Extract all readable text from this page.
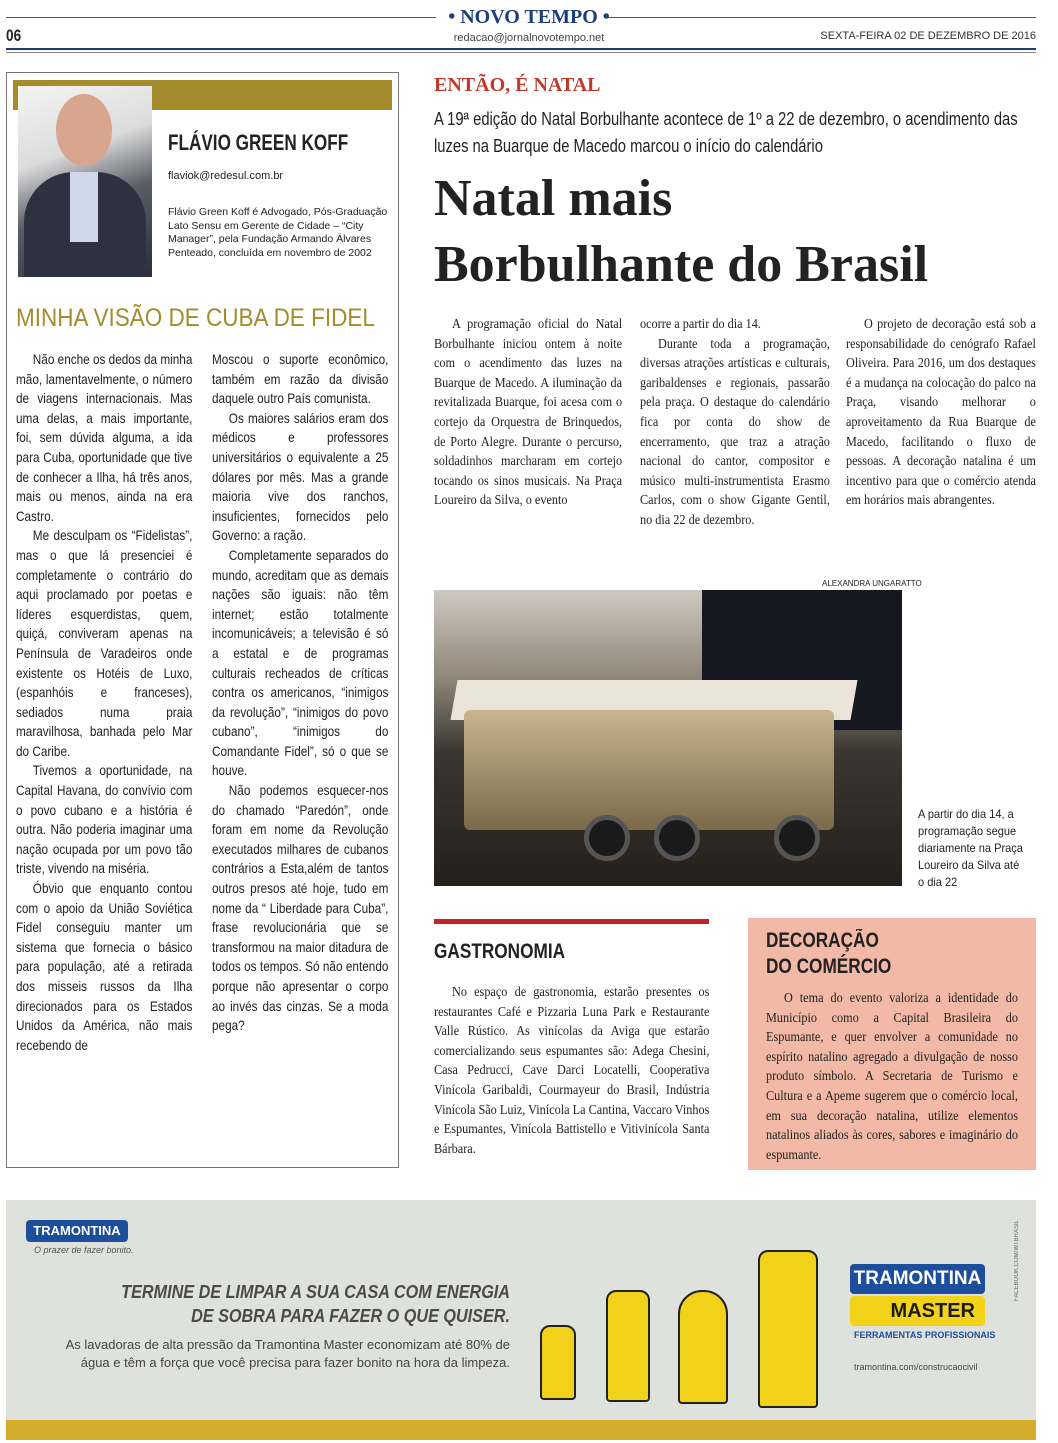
• NOVO TEMPO •
redacao@jornalnovotempo.net
06	SEXTA-FEIRA 02 DE DEZEMBRO DE 2016
FLÁVIO GREEN KOFF
flaviok@redesul.com.br
Flávio Green Koff é Advogado, Pós-Graduação Lato Sensu em Gerente de Cidade – “City Manager”, pela Fundação Armando Álvares Penteado, concluída em novembro de 2002
MINHA VISÃO DE CUBA DE FIDEL

Não enche os dedos da minha mão, lamentavelmente, o número de viagens internacionais. Mas uma delas, a mais importante, foi, sem dúvida alguma, a ida para Cuba, oportunidade que tive de conhecer a Ilha, há três anos, mais ou menos, ainda na era Castro.

Me desculpam os “Fidelistas”, mas o que lá presenciei é completamente o contrário do aqui proclamado por poetas e líderes esquerdistas, quem, quiçá, conviveram apenas na Península de Varadeiros onde existente os Hotéis de Luxo, (espanhóis e franceses), sediados numa praia maravilhosa, banhada pelo Mar do Caribe.

Tivemos a oportunidade, na Capital Havana, do convívio com o povo cubano e a história é outra. Não poderia imaginar uma nação ocupada por um povo tão triste, vivendo na miséria.

Óbvio que enquanto contou com o apoio da União Soviética Fidel conseguiu manter um sistema que fornecia o básico para população, até a retirada dos misseis russos da Ilha direcionados para os Estados Unidos da América, não mais recebendo de

Moscou o suporte econômico, também em razão da divisão daquele outro País comunista.

Os maiores salários eram dos médicos e professores universitários o equivalente a 25 dólares por mês. Mas a grande maioria vive dos ranchos, insuficientes, fornecidos pelo Governo: a ração.

Completamente separados do mundo, acreditam que as demais nações são iguais: não têm internet; estão totalmente incomunicáveis; a televisão é só a estatal e de programas culturais recheados de críticas contra os americanos, “inimigos da revolução”, “inimigos do povo cubano”, “inimigos do Comandante Fidel”, só o que se houve.

Não podemos esquecer-nos do chamado “Paredón”, onde foram em nome da Revolução executados milhares de cubanos contrários a Esta,além de tantos outros presos até hoje, tudo em nome da “ Liberdade para Cuba”, frase revolucionária que se transformou na maior ditadura de todos os tempos. Só não entendo porque não apresentar o corpo ao invés das cinzas. Se a moda pega?

ENTÃO, É NATAL
A 19ª edição do Natal Borbulhante acontece de 1º a 22 de dezembro, o acendimento das luzes na Buarque de Macedo marcou o início do calendário
Natal mais
Borbulhante do Brasil

A programação oficial do Natal Borbulhante iniciou ontem à noite com o acendimento das luzes na Buarque de Macedo. A iluminação da revitalizada Buarque, foi acesa com o cortejo da Orquestra de Brinquedos, de Porto Alegre. Durante o percurso, soldadinhos marcharam em cortejo tocando os sinos musicais. Na Praça Loureiro da Silva, o evento

ocorre a partir do dia 14.

Durante toda a programação, diversas atrações artísticas e culturais, garibaldenses e regionais, passarão pela praça. O destaque do calendário fica por conta do show de encerramento, que traz a atração nacional do cantor, compositor e músico multi-instrumentista Erasmo Carlos, com o show Gigante Gentil, no dia 22 de dezembro.

O projeto de decoração está sob a responsabilidade do cenógrafo Rafael Oliveira. Para 2016, um dos destaques é a mudança na colocação do palco na Praça, visando melhorar o aproveitamento da Rua Buarque de Macedo, facilitando o fluxo de pessoas. A decoração natalina é um incentivo para que o comércio atenda em horários mais abrangentes.

ALEXANDRA UNGARATTO
A partir do dia 14, a programação segue diariamente na Praça Loureiro da Silva até o dia 22
GASTRONOMIA

No espaço de gastronomia, estarão presentes os restaurantes Café e Pizzaria Luna Park e Restaurante Valle Rústico. As vinícolas da Aviga que estarão comercializando seus espumantes são: Adega Chesini, Casa Pedrucci, Cave Darci Locatelli, Cooperativa Vinícola Garibaldi, Courmayeur do Brasil, Indústria Vinícola São Luiz, Vinícola La Cantina, Vaccaro Vinhos e Espumantes, Vinícola Battistello e Vitivinícola Santa Bárbara.

DECORAÇÃO
DO COMÉRCIO

O tema do evento valoriza a identidade do Município como a Capital Brasileira do Espumante, e quer envolver a comunidade no espírito natalino agregado a divulgação de nosso produto símbolo. A Secretaria de Turismo e Cultura e a Apeme sugerem que o comércio local, em sua decoração natalina, utilize elementos natalinos aliados às cores, sabores e imaginário do espumante.

TRAMONTINA
O prazer de fazer bonito.
TERMINE DE LIMPAR A SUA CASA COM ENERGIA
DE SOBRA PARA FAZER O QUE QUISER.
As lavadoras de alta pressão da Tramontina Master economizam até 80% de água e têm a força que você precisa para fazer bonito na hora da limpeza.
TRAMONTINA
MASTER
FERRAMENTAS PROFISSIONAIS
tramontina.com/construcaocivil
FACEBOOK.COM/WTBRASIL
